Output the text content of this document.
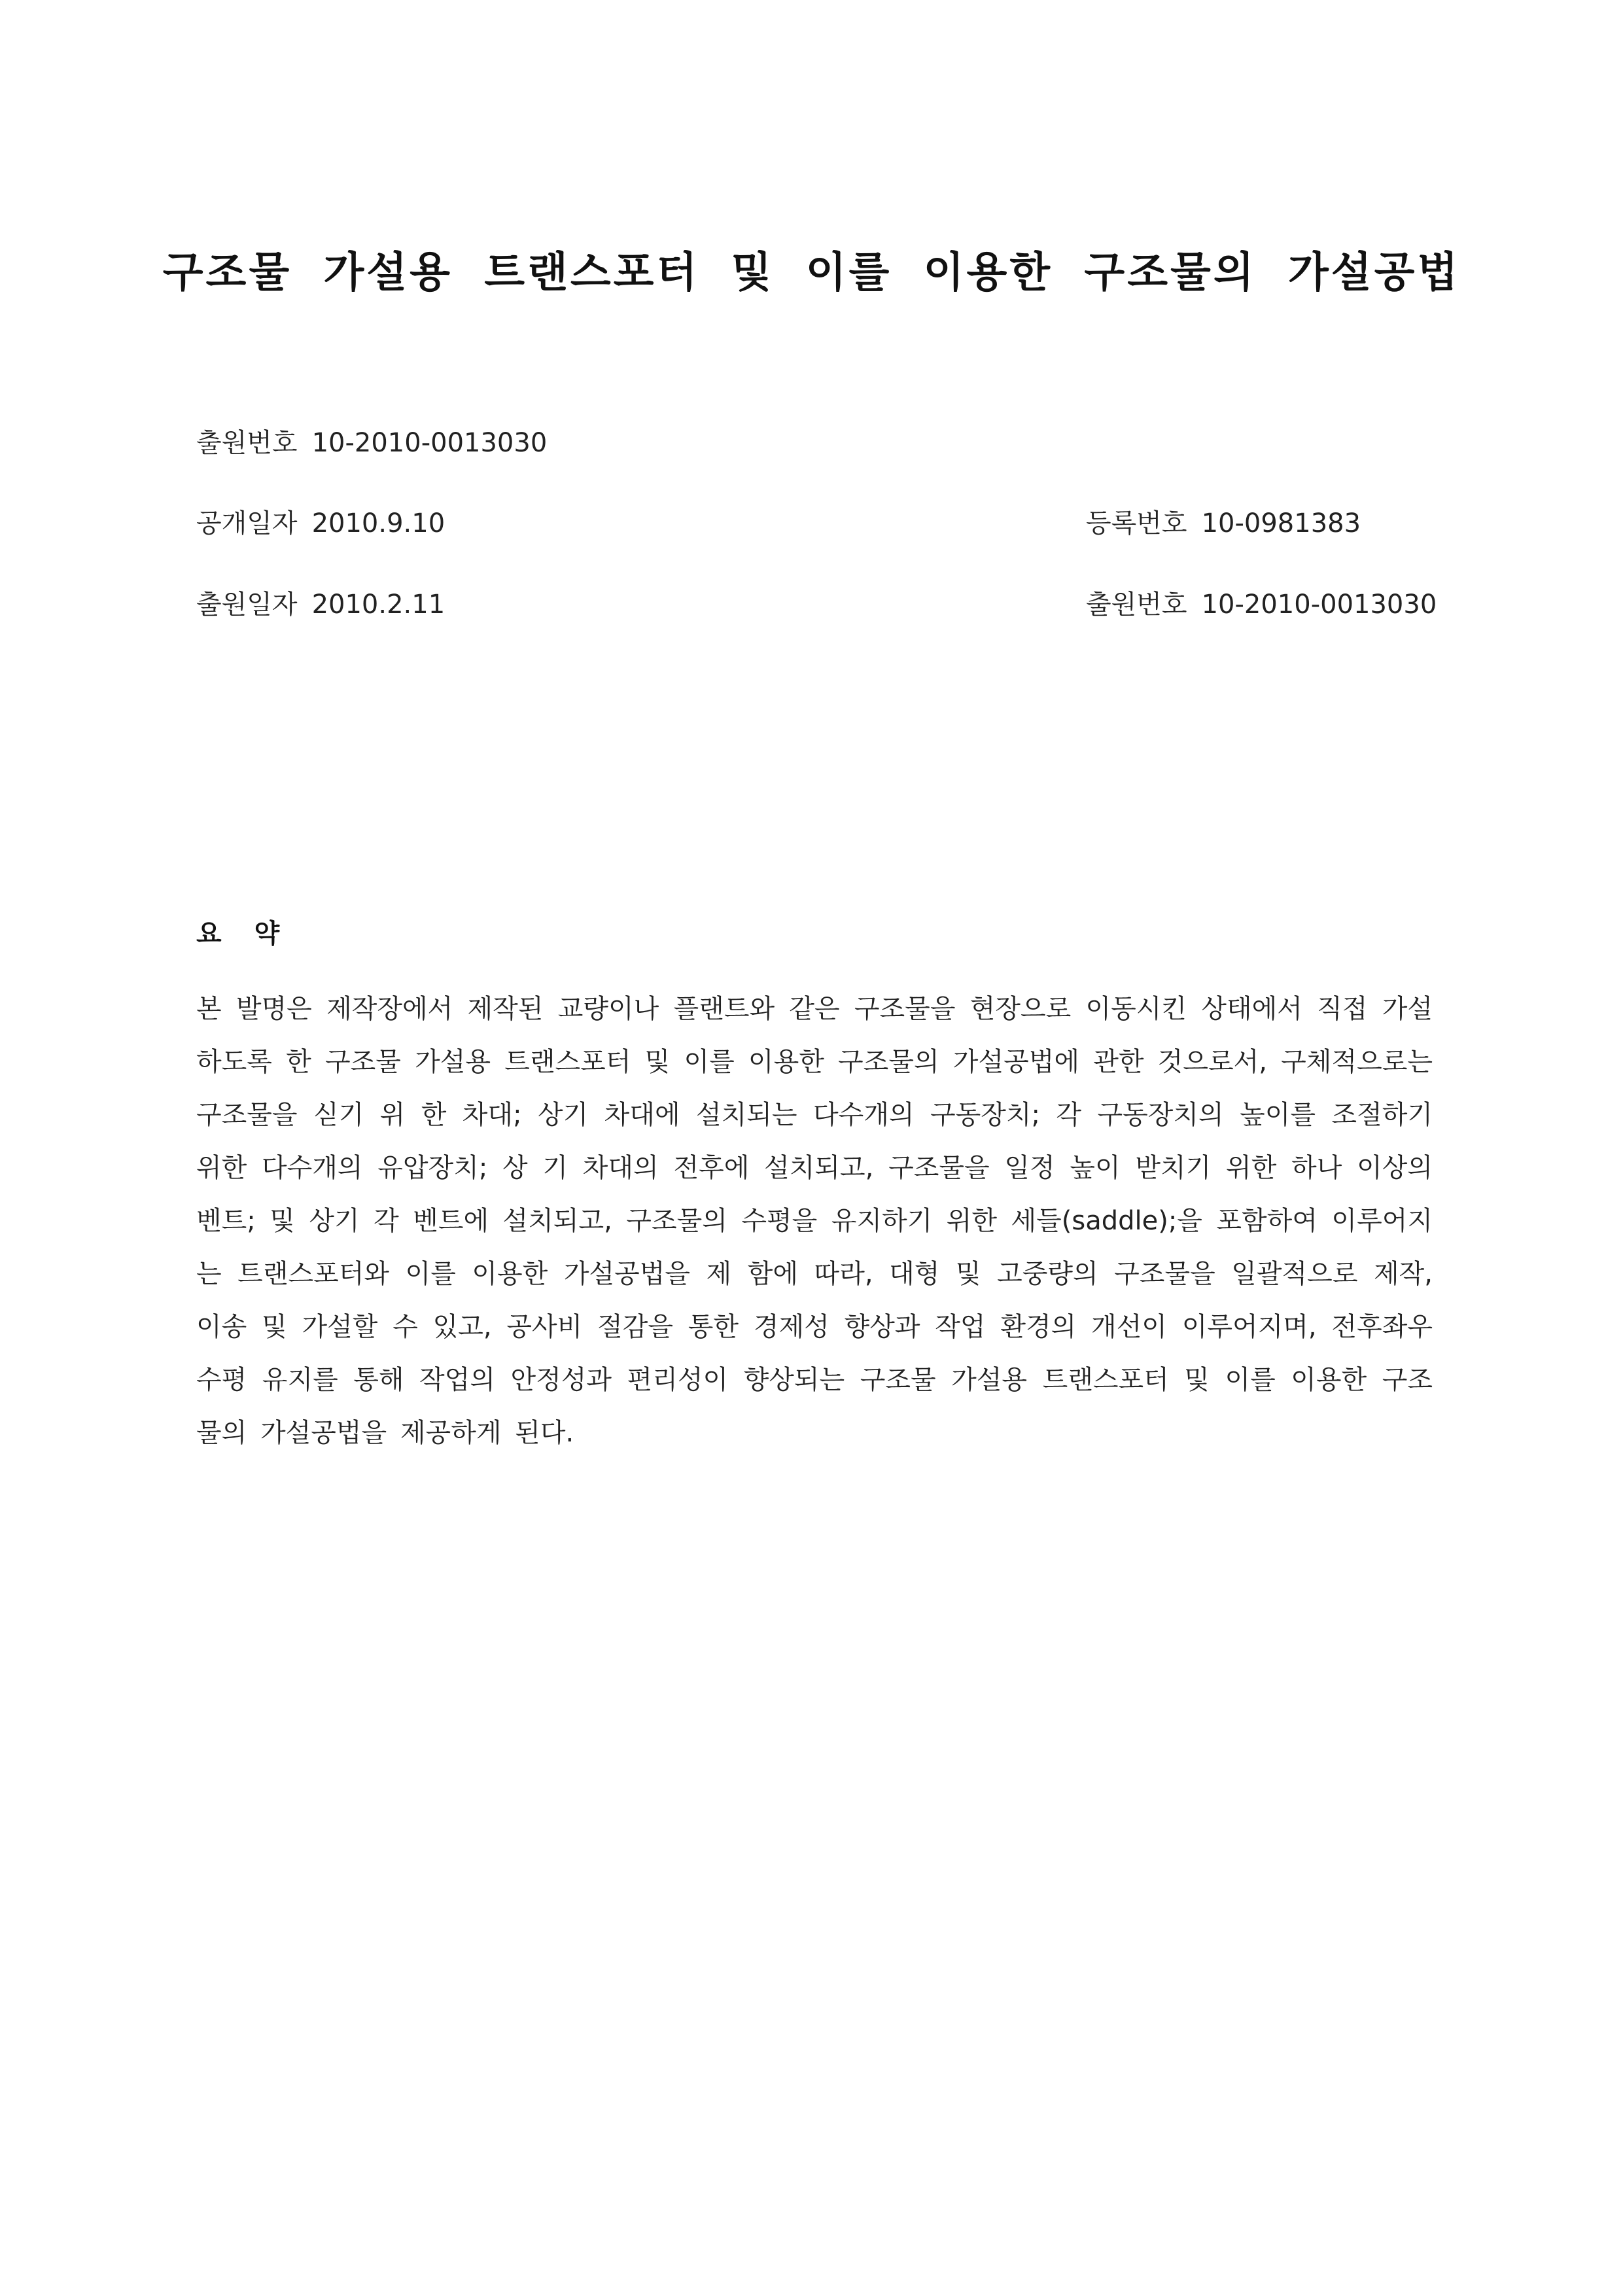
구조물 가설용 트랜스포터 및 이를 이용한 구조물의 가설공법
출원번호 10-2010-0013030
공개일자 2010.9.10	등록번호 10-0981383
출원일자 2010.2.11	출원번호 10-2010-0013030
요 약

본 발명은 제작장에서 제작된 교량이나 플랜트와 같은 구조물을 현장으로 이동시킨 상태에서 직접 가설하도록 한 구조물 가설용 트랜스포터 및 이를 이용한 구조물의 가설공법에 관한 것으로서, 구체적으로는 구조물을 싣기 위 한 차대; 상기 차대에 설치되는 다수개의 구동장치; 각 구동장치의 높이를 조절하기 위한 다수개의 유압장치; 상 기 차대의 전후에 설치되고, 구조물을 일정 높이 받치기 위한 하나 이상의 벤트; 및 상기 각 벤트에 설치되고, 구조물의 수평을 유지하기 위한 세들(saddle);을 포함하여 이루어지는 트랜스포터와 이를 이용한 가설공법을 제 함에 따라, 대형 및 고중량의 구조물을 일괄적으로 제작, 이송 및 가설할 수 있고, 공사비 절감을 통한 경제성 향상과 작업 환경의 개선이 이루어지며, 전후좌우 수평 유지를 통해 작업의 안정성과 편리성이 향상되는 구조물 가설용 트랜스포터 및 이를 이용한 구조물의 가설공법을 제공하게 된다.
